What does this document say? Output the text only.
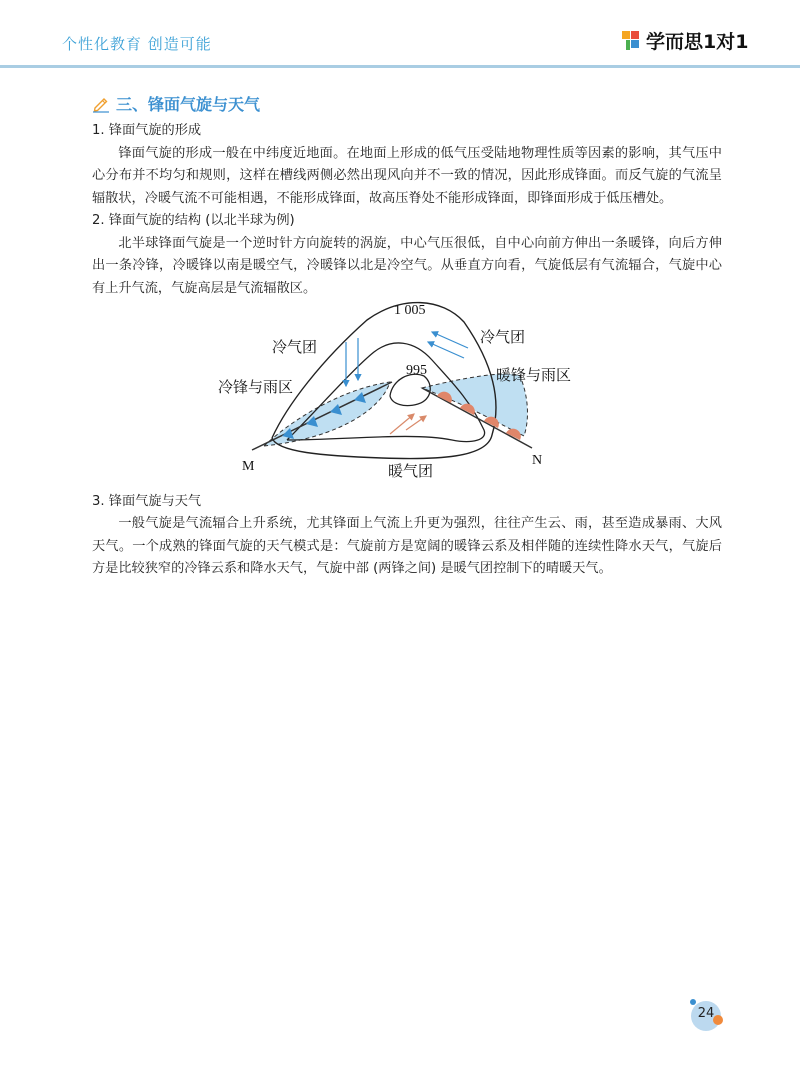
个性化教育 创造可能	学而思1对1
三、锋面气旋与天气

1. 锋面气旋的形成

锋面气旋的形成一般在中纬度近地面。在地面上形成的低气压受陆地物理性质等因素的影响，其气压中心分布并不均匀和规则，这样在槽线两侧必然出现风向并不一致的情况，因此形成锋面。而反气旋的气流呈辐散状，冷暖气流不可能相遇，不能形成锋面，故高压脊处不能形成锋面，即锋面形成于低压槽处。

2. 锋面气旋的结构 (以北半球为例)

北半球锋面气旋是一个逆时针方向旋转的涡旋，中心气压很低，自中心向前方伸出一条暖锋，向后方伸出一条冷锋，冷暖锋以南是暖空气，冷暖锋以北是冷空气。从垂直方向看，气旋低层有气流辐合，气旋中心有上升气流，气旋高层是气流辐散区。

1 005
995
冷气团
冷气团
冷锋与雨区
暖锋与雨区
暖气团
M	N

3. 锋面气旋与天气

一般气旋是气流辐合上升系统，尤其锋面上气流上升更为强烈，往往产生云、雨，甚至造成暴雨、大风天气。一个成熟的锋面气旋的天气模式是：气旋前方是宽阔的暖锋云系及相伴随的连续性降水天气，气旋后方是比较狭窄的冷锋云系和降水天气，气旋中部 (两锋之间) 是暖气团控制下的晴暖天气。

24
